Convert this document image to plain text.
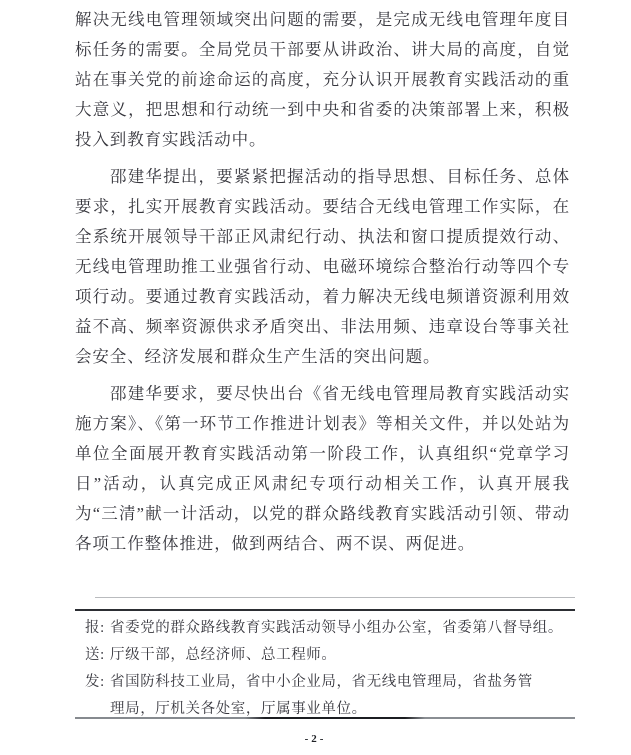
解决无线电管理领域突出问题的需要，是完成无线电管理年度目标任务的需要。全局党员干部要从讲政治、讲大局的高度，自觉站在事关党的前途命运的高度，充分认识开展教育实践活动的重大意义，把思想和行动统一到中央和省委的决策部署上来，积极投入到教育实践活动中。

邵建华提出，要紧紧把握活动的指导思想、目标任务、总体要求，扎实开展教育实践活动。要结合无线电管理工作实际，在全系统开展领导干部正风肃纪行动、执法和窗口提质提效行动、无线电管理助推工业强省行动、电磁环境综合整治行动等四个专项行动。要通过教育实践活动，着力解决无线电频谱资源利用效益不高、频率资源供求矛盾突出、非法用频、违章设台等事关社会安全、经济发展和群众生产生活的突出问题。

邵建华要求，要尽快出台《省无线电管理局教育实践活动实施方案》、《第一环节工作推进计划表》等相关文件，并以处站为单位全面展开教育实践活动第一阶段工作，认真组织“党章学习日”活动，认真完成正风肃纪专项行动相关工作，认真开展我为“三清”献一计活动，以党的群众路线教育实践活动引领、带动各项工作整体推进，做到两结合、两不误、两促进。

报: 省委党的群众路线教育实践活动领导小组办公室，省委第八督导组。
送: 厅级干部，总经济师、总工程师。
发: 省国防科技工业局，省中小企业局，省无线电管理局，省盐务管理局，厅机关各处室，厅属事业单位。
-2-
